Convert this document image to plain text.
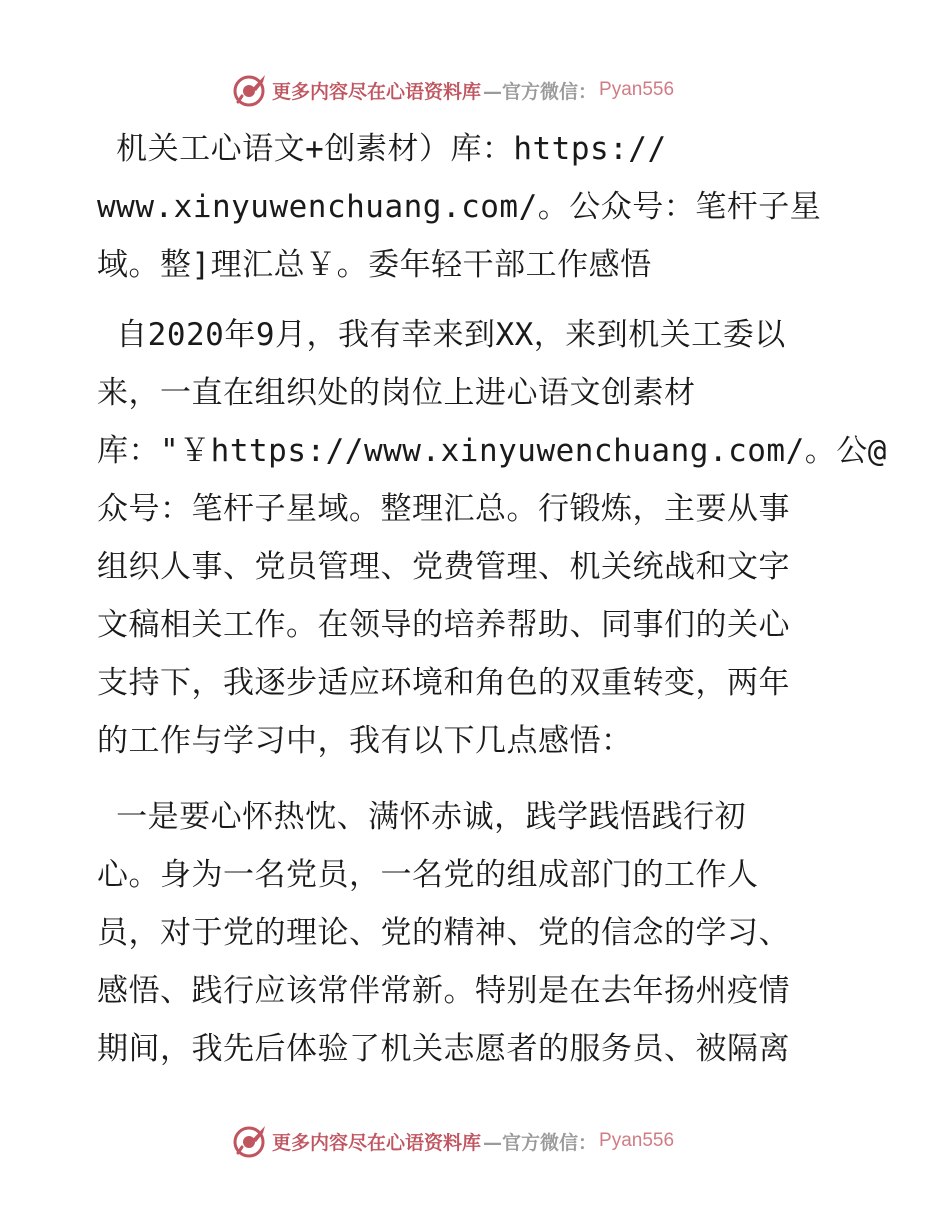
更多内容尽在心语资料库 —官方微信： Pyan556
机关工心语文+创素材）库：https://
www.xinyuwenchuang.com/。公众号：笔杆子星
域。整]理汇总￥。委年轻干部工作感悟
自2020年9月，我有幸来到XX，来到机关工委以
来，一直在组织处的岗位上进心语文创素材
库："￥https://www.xinyuwenchuang.com/。公@
众号：笔杆子星域。整理汇总。行锻炼，主要从事
组织人事、党员管理、党费管理、机关统战和文字
文稿相关工作。在领导的培养帮助、同事们的关心
支持下，我逐步适应环境和角色的双重转变，两年
的工作与学习中，我有以下几点感悟：
一是要心怀热忱、满怀赤诚，践学践悟践行初
心。身为一名党员，一名党的组成部门的工作人
员，对于党的理论、党的精神、党的信念的学习、
感悟、践行应该常伴常新。特别是在去年扬州疫情
期间，我先后体验了机关志愿者的服务员、被隔离
更多内容尽在心语资料库 —官方微信： Pyan556
